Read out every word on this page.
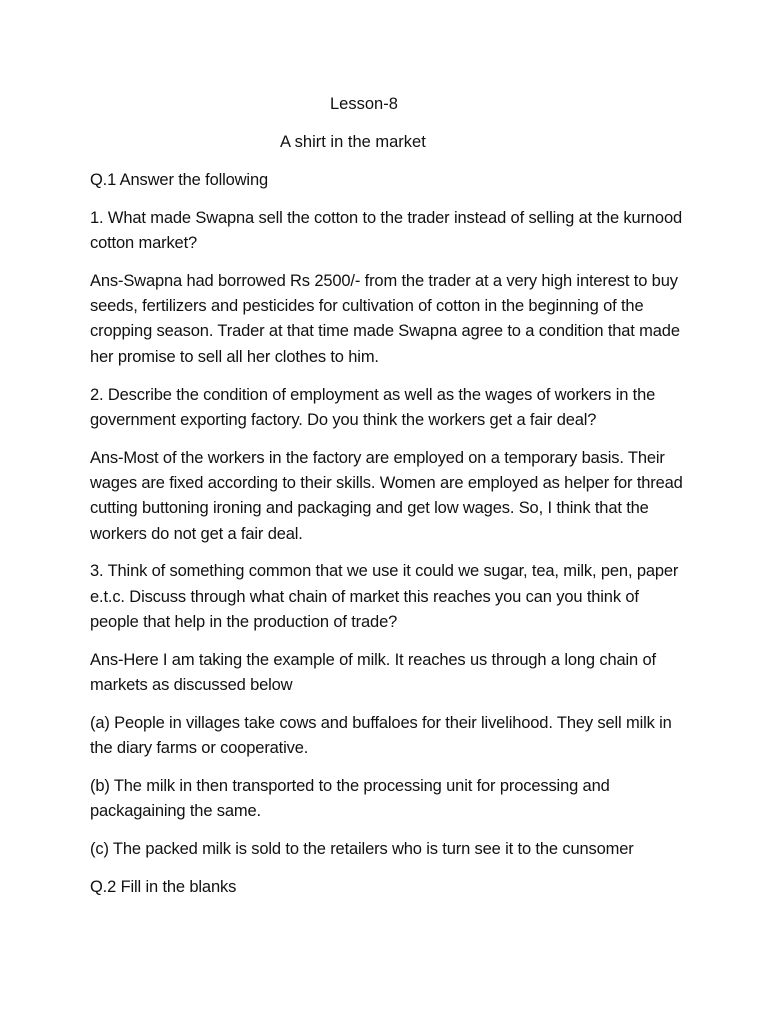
Lesson-8
A shirt in the market

Q.1 Answer the following

1. What made Swapna sell the cotton to the trader instead of selling at the kurnood cotton market?

Ans-Swapna had borrowed Rs 2500/- from the trader at a very high interest to buy seeds, fertilizers and pesticides for cultivation of cotton in the beginning of the cropping season. Trader at that time made Swapna agree to a condition that made her promise to sell all her clothes to him.

2. Describe the condition of employment as well as the wages of workers in the government exporting factory. Do you think the workers get a fair deal?

Ans-Most of the workers in the factory are employed on a temporary basis. Their wages are fixed according to their skills. Women are employed as helper for thread cutting buttoning ironing and packaging and get low wages. So, I think that the workers do not get a fair deal.

3. Think of something common that we use it could we sugar, tea, milk, pen, paper e.t.c. Discuss through what chain of market this reaches you can you think of people that help in the production of trade?

Ans-Here I am taking the example of milk. It reaches us through a long chain of markets as discussed below

(a) People in villages take cows and buffaloes for their livelihood. They sell milk in the diary farms or cooperative.

(b) The milk in then transported to the processing unit for processing and packagaining the same.

(c) The packed milk is sold to the retailers who is turn see it to the cunsomer

Q.2 Fill in the blanks
